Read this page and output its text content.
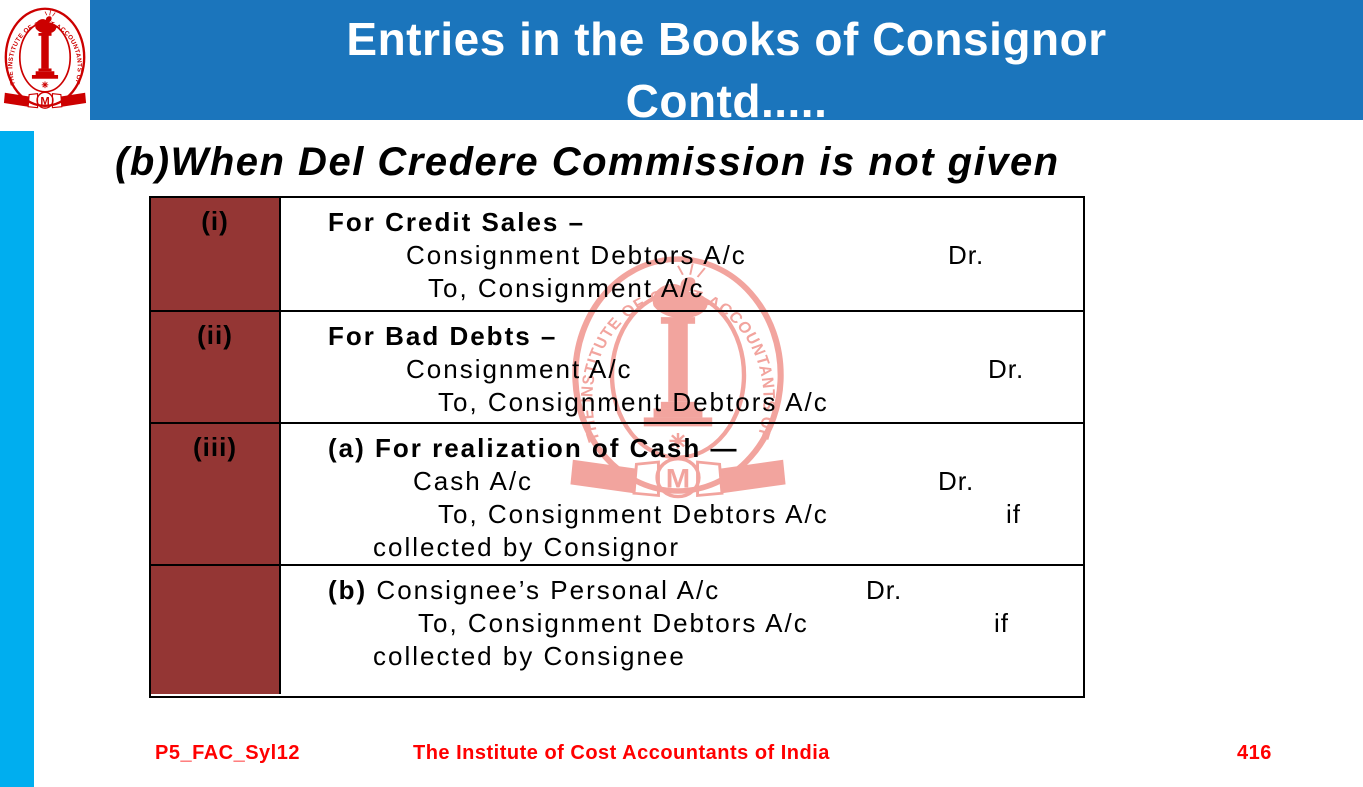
Entries in the Books of Consignor
Contd.....
(b)When Del Credere Commission is not given
(i)	For Credit Sales –
Consignment Debtors A/c	Dr.
To, Consignment A/c
(ii)	For Bad Debts –
Consignment A/c	Dr.
To, Consignment Debtors A/c
(iii)	(a) For realization of Cash —
Cash A/c	Dr.
To, Consignment Debtors A/c	if
collected by Consignor
(b) Consignee’s Personal A/c	Dr.
To, Consignment Debtors A/c	if
collected by Consignee
P5_FAC_Syl12	The Institute of Cost Accountants of India	416
